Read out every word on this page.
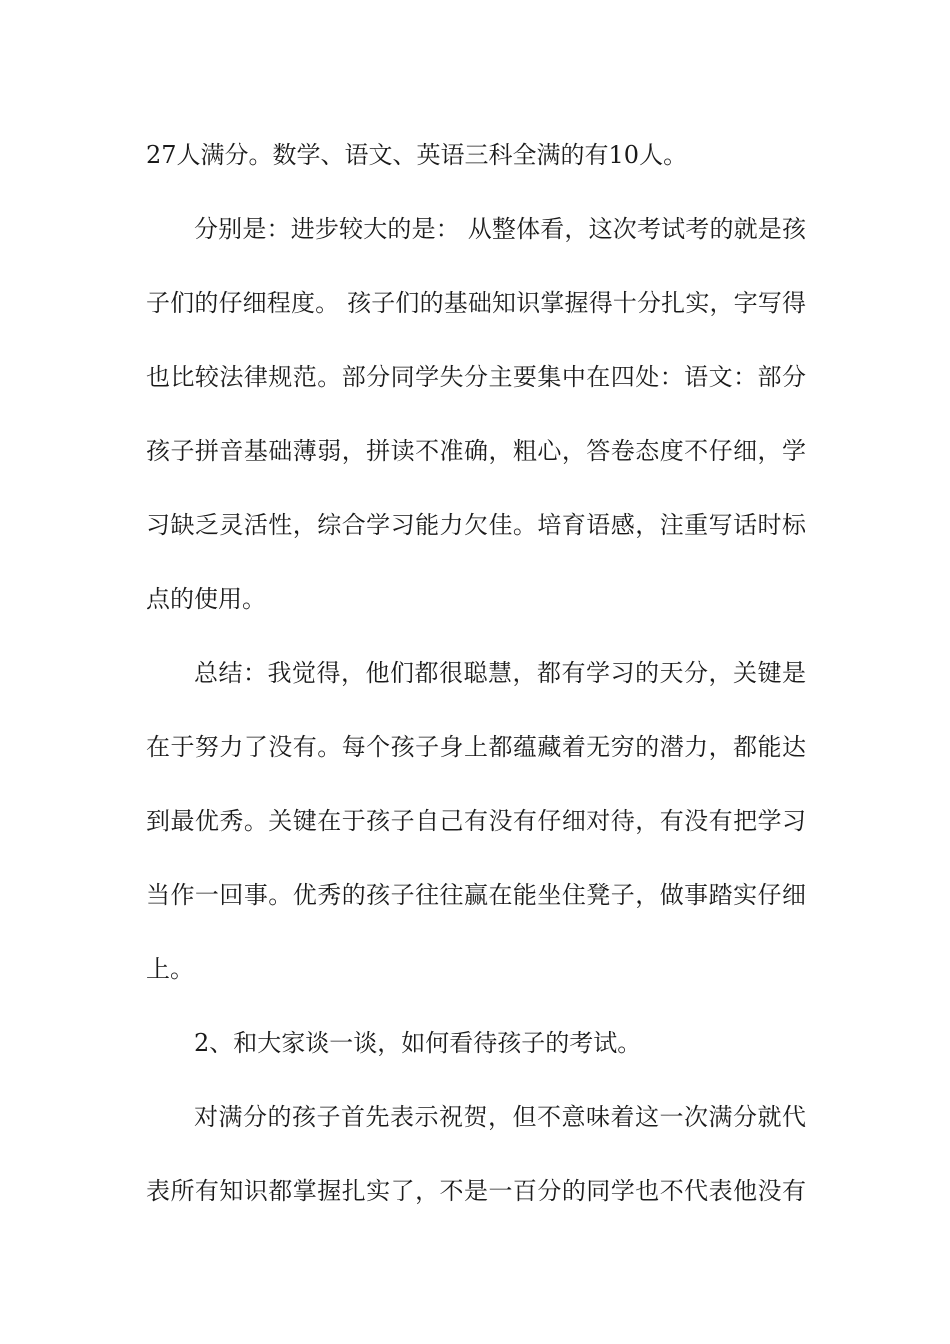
27人满分。数学、语文、英语三科全满的有10人。
分别是：进步较大的是： 从整体看，这次考试考的就是孩
子们的仔细程度。 孩子们的基础知识掌握得十分扎实，字写得
也比较法律规范。部分同学失分主要集中在四处：语文：部分
孩子拼音基础薄弱，拼读不准确，粗心，答卷态度不仔细，学
习缺乏灵活性，综合学习能力欠佳。培育语感，注重写话时标
点的使用。
总结：我觉得，他们都很聪慧，都有学习的天分，关键是
在于努力了没有。每个孩子身上都蕴藏着无穷的潜力，都能达
到最优秀。关键在于孩子自己有没有仔细对待，有没有把学习
当作一回事。优秀的孩子往往赢在能坐住凳子，做事踏实仔细
上。
2、和大家谈一谈，如何看待孩子的考试。
对满分的孩子首先表示祝贺，但不意味着这一次满分就代
表所有知识都掌握扎实了，不是一百分的同学也不代表他没有
